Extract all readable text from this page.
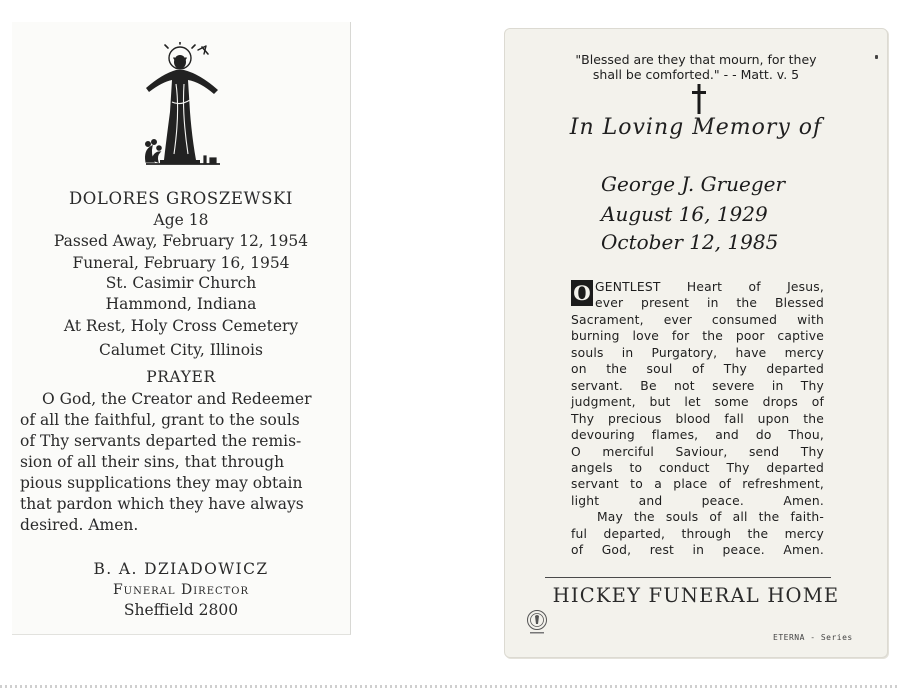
DOLORES GROSZEWSKI
Age 18
Passed Away, February 12, 1954
Funeral, February 16, 1954
St. Casimir Church
Hammond, Indiana
At Rest, Holy Cross Cemetery
Calumet City, Illinois
PRAYER
O God, the Creator and Redeemer
of all the faithful, grant to the souls
of Thy servants departed the remis-
sion of all their sins, that through
pious supplications they may obtain
that pardon which they have always
desired. Amen.
B. A. DZIADOWICZ
Funeral Director
Sheffield 2800
"Blessed are they that mourn, for they
shall be comforted." - - Matt. v. 5
In Loving Memory of
George J. Grueger
August 16, 1929
October 12, 1985
O GENTLEST Heart of Jesus,
ever present in the Blessed
Sacrament, ever consumed with
burning love for the poor captive
souls in Purgatory, have mercy
on the soul of Thy departed
servant. Be not severe in Thy
judgment, but let some drops of
Thy precious blood fall upon the
devouring flames, and do Thou,
O merciful Saviour, send Thy
angels to conduct Thy departed
servant to a place of refreshment,
light and peace. Amen.
May the souls of all the faith-
ful departed, through the mercy
of God, rest in peace. Amen.
HICKEY FUNERAL HOME
ETERNA - Series
